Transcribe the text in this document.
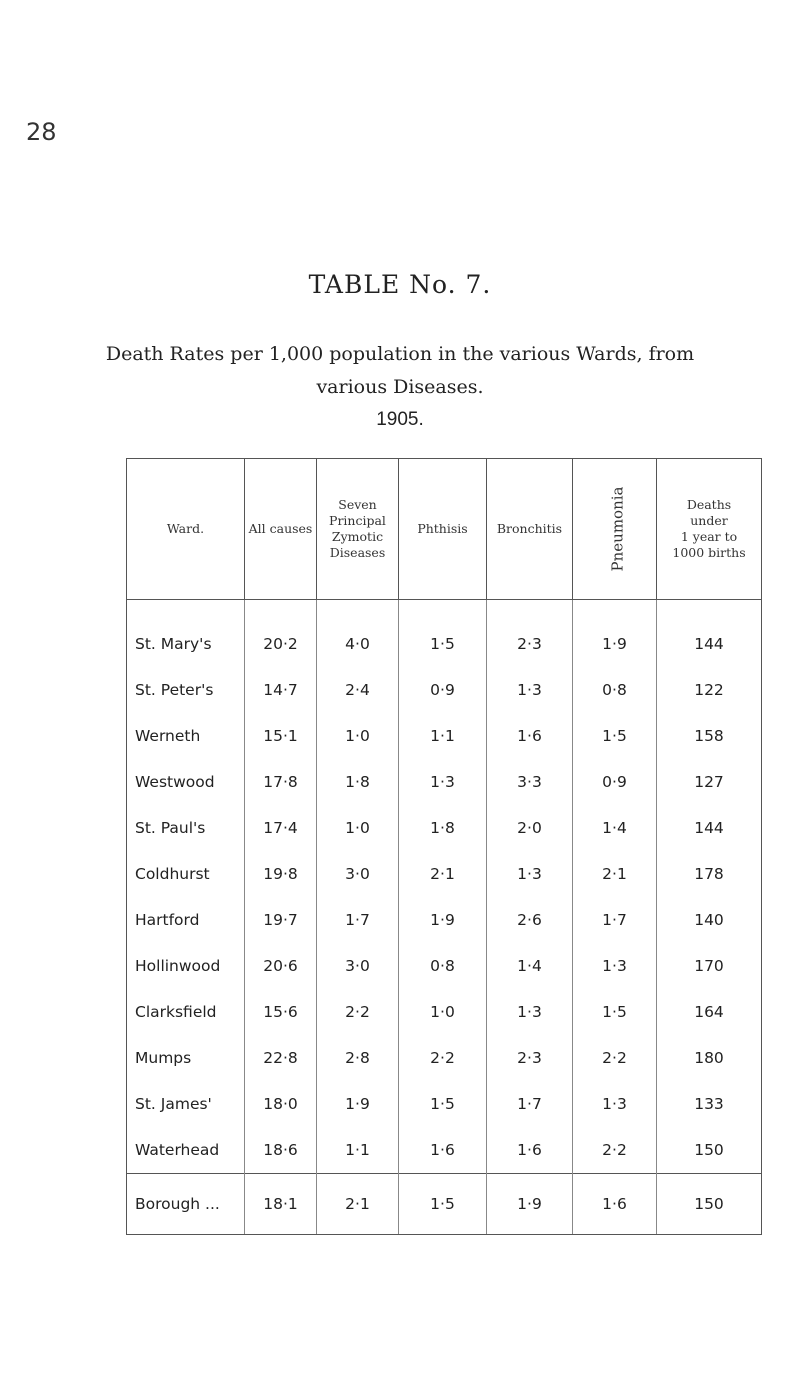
28
TABLE No. 7.
Death Rates per 1,000 population in the various Wards, from
various Diseases.
1905.
Ward.	All causes	Seven
Principal
Zymotic
Diseases	Phthisis	Bronchitis	Pneumonia	Deaths
under
1 year to
1000 births
St. Mary's	20·2	4·0	1·5	2·3	1·9	144
St. Peter's	14·7	2·4	0·9	1·3	0·8	122
Werneth	15·1	1·0	1·1	1·6	1·5	158
Westwood	17·8	1·8	1·3	3·3	0·9	127
St. Paul's	17·4	1·0	1·8	2·0	1·4	144
Coldhurst	19·8	3·0	2·1	1·3	2·1	178
Hartford	19·7	1·7	1·9	2·6	1·7	140
Hollinwood	20·6	3·0	0·8	1·4	1·3	170
Clarksfield	15·6	2·2	1·0	1·3	1·5	164
Mumps	22·8	2·8	2·2	2·3	2·2	180
St. James'	18·0	1·9	1·5	1·7	1·3	133
Waterhead	18·6	1·1	1·6	1·6	2·2	150
Borough ...	18·1	2·1	1·5	1·9	1·6	150
